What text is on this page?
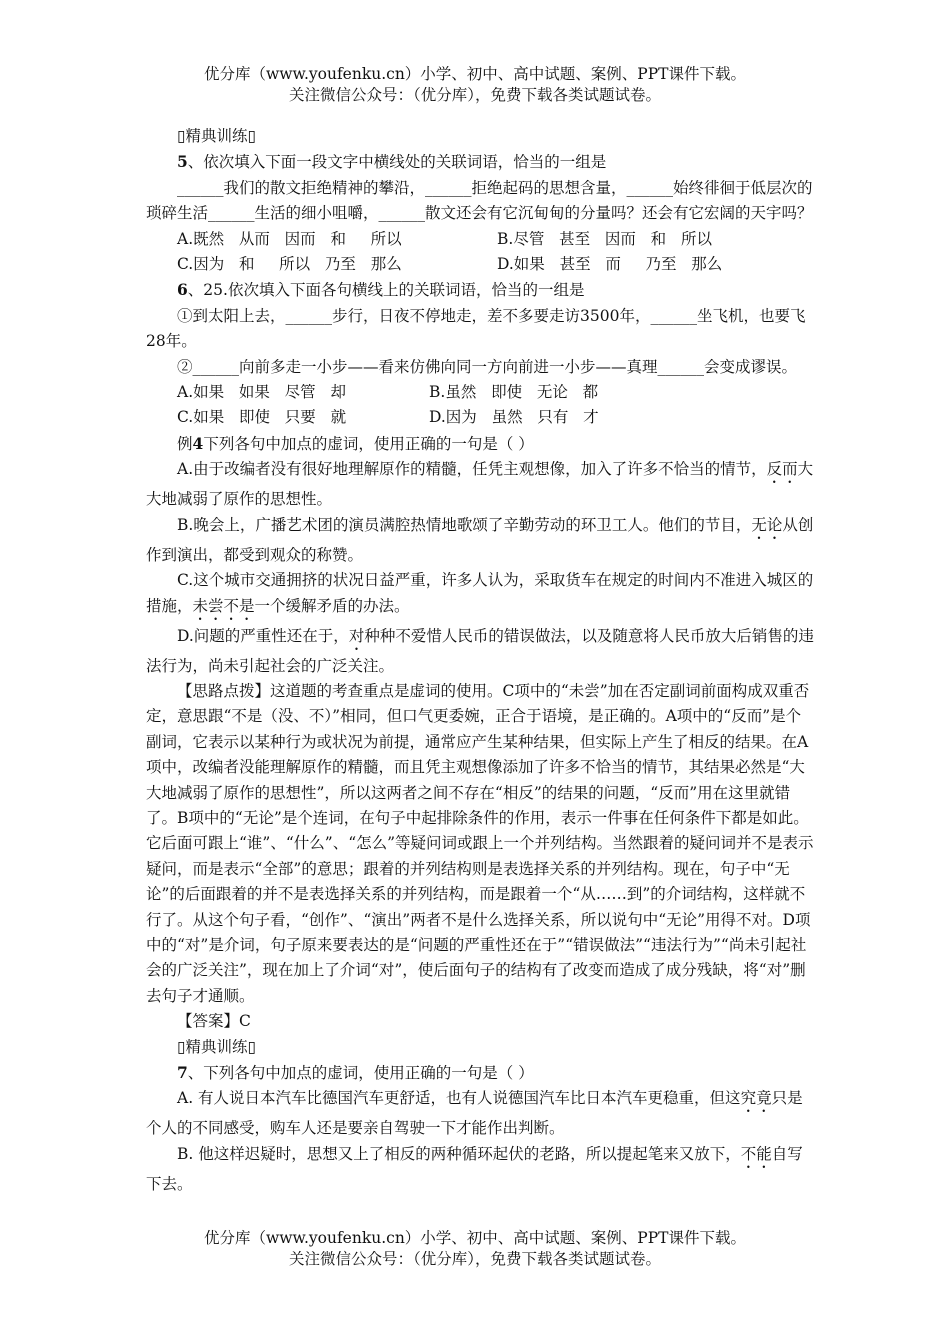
优分库（www.youfenku.cn）小学、初中、高中试题、案例、PPT课件下载。
关注微信公众号：（优分库），免费下载各类试题试卷。

▯精典训练▯

5、依次填入下面一段文字中横线处的关联词语，恰当的一组是

______我们的散文拒绝精神的攀沿，______拒绝起码的思想含量，______始终徘徊于低层次的琐碎生活______生活的细小咀嚼，______散文还会有它沉甸甸的分量吗？还会有它宏阔的天宇吗？

A.既然   从而   因而   和     所以	B.尽管   甚至   因而   和   所以

C.因为   和     所以   乃至   那么	D.如果   甚至   而     乃至   那么

6、25.依次填入下面各句横线上的关联词语，恰当的一组是

①到太阳上去，______步行，日夜不停地走，差不多要走访3500年，______坐飞机，也要飞28年。

②______向前多走一小步——看来仿佛向同一方向前进一小步——真理______会变成谬误。

A.如果   如果   尽管   却	B.虽然   即使   无论   都

C.如果   即使   只要   就	D.因为   虽然   只有   才

例4下列各句中加点的虚词，使用正确的一句是（ ）

A.由于改编者没有很好地理解原作的精髓，任凭主观想像，加入了许多不恰当的情节，反而大大地减弱了原作的思想性。

B.晚会上，广播艺术团的演员满腔热情地歌颂了辛勤劳动的环卫工人。他们的节目，无论从创作到演出，都受到观众的称赞。

C.这个城市交通拥挤的状况日益严重，许多人认为，采取货车在规定的时间内不准进入城区的措施，未尝不是一个缓解矛盾的办法。

D.问题的严重性还在于，对种种不爱惜人民币的错误做法，以及随意将人民币放大后销售的违法行为，尚未引起社会的广泛关注。

【思路点拨】这道题的考查重点是虚词的使用。C项中的“未尝”加在否定副词前面构成双重否定，意思跟“不是（没、不）”相同，但口气更委婉，正合于语境，是正确的。A项中的“反而”是个副词，它表示以某种行为或状况为前提，通常应产生某种结果，但实际上产生了相反的结果。在A项中，改编者没能理解原作的精髓，而且凭主观想像添加了许多不恰当的情节，其结果必然是“大大地减弱了原作的思想性”，所以这两者之间不存在“相反”的结果的问题，“反而”用在这里就错了。B项中的“无论”是个连词，在句子中起排除条件的作用，表示一件事在任何条件下都是如此。它后面可跟上“谁”、“什么”、“怎么”等疑问词或跟上一个并列结构。当然跟着的疑问词并不是表示疑问，而是表示“全部”的意思；跟着的并列结构则是表选择关系的并列结构。现在，句子中“无论”的后面跟着的并不是表选择关系的并列结构，而是跟着一个“从……到”的介词结构，这样就不行了。从这个句子看，“创作”、“演出”两者不是什么选择关系，所以说句中“无论”用得不对。D项中的“对”是介词，句子原来要表达的是“问题的严重性还在于”“错误做法”“违法行为”“尚未引起社会的广泛关注”，现在加上了介词“对”，使后面句子的结构有了改变而造成了成分残缺，将“对”删去句子才通顺。

【答案】C

▯精典训练▯

7、下列各句中加点的虚词，使用正确的一句是（ ）

A. 有人说日本汽车比德国汽车更舒适，也有人说德国汽车比日本汽车更稳重，但这究竟只是个人的不同感受，购车人还是要亲自驾驶一下才能作出判断。

B. 他这样迟疑时，思想又上了相反的两种循环起伏的老路，所以提起笔来又放下，不能自写下去。

优分库（www.youfenku.cn）小学、初中、高中试题、案例、PPT课件下载。
关注微信公众号：（优分库），免费下载各类试题试卷。
